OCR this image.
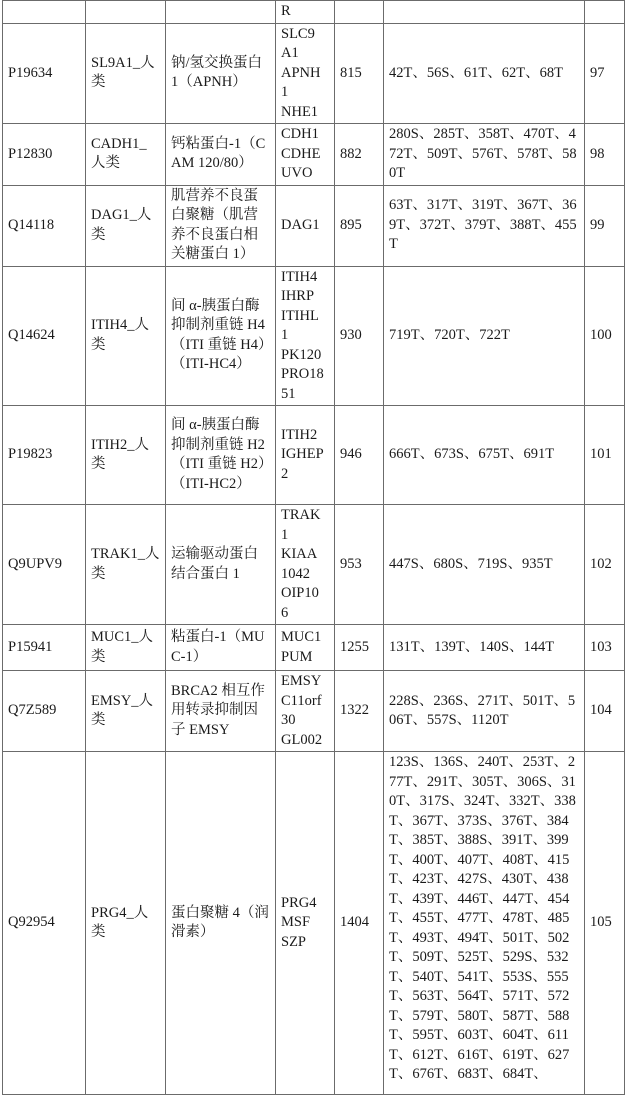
			R			
P19634	SL9A1_人类	钠/氢交换蛋白 1（APNH）	SLC9
A1
APNH
1
NHE1	815	42T、56S、61T、62T、68T	97
P12830	CADH1_人类	钙粘蛋白-1（CAM 120/80）	CDH1
CDHE
UVO	882	280S、285T、358T、470T、472T、509T、576T、578T、580T	98
Q14118	DAG1_人类	肌营养不良蛋白聚糖（肌营养不良蛋白相关糖蛋白 1）	DAG1	895	63T、317T、319T、367T、369T、372T、379T、388T、455T	99
Q14624	ITIH4_人类	间 α-胰蛋白酶抑制剂重链 H4（ITI 重链 H4）（ITI-HC4）	ITIH4
IHRP
ITIHL
1
PK120
PRO18
51	930	719T、720T、722T	100
P19823	ITIH2_人类	间 α-胰蛋白酶抑制剂重链 H2（ITI 重链 H2）（ITI-HC2）	ITIH2
IGHEP
2	946	666T、673S、675T、691T	101
Q9UPV9	TRAK1_人类	运输驱动蛋白结合蛋白 1	TRAK
1
KIAA
1042
OIP10
6	953	447S、680S、719S、935T	102
P15941	MUC1_人类	粘蛋白-1（MUC-1）	MUC1
PUM	1255	131T、139T、140S、144T	103
Q7Z589	EMSY_人类	BRCA2 相互作用转录抑制因子 EMSY	EMSY
C11orf
30
GL002	1322	228S、236S、271T、501T、506T、557S、1120T	104
Q92954	PRG4_人类	蛋白聚糖 4（润滑素）	PRG4
MSF
SZP	1404	123S、136S、240T、253T、277T、291T、305T、306S、310T、317S、324T、332T、338T、367T、373S、376T、384T、385T、388S、391T、399T、400T、407T、408T、415T、423T、427S、430T、438T、439T、446T、447T、454T、455T、477T、478T、485T、493T、494T、501T、502T、509T、525T、529S、532T、540T、541T、553S、555T、563T、564T、571T、572T、579T、580T、587T、588T、595T、603T、604T、611T、612T、616T、619T、627T、676T、683T、684T、	105
